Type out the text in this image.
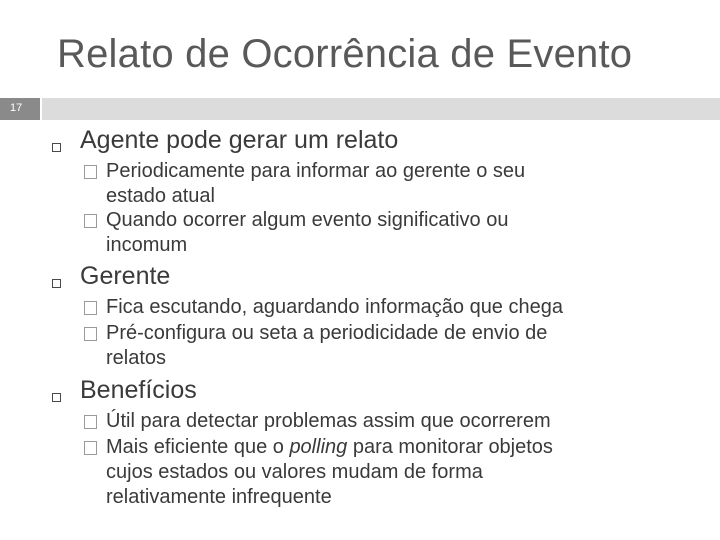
Relato de Ocorrência de Evento
17
Agente pode gerar um relato
Periodicamente para informar ao gerente o seu
estado atual
Quando ocorrer algum evento significativo ou
incomum
Gerente
Fica escutando, aguardando informação que chega
Pré-configura ou seta a periodicidade de envio de
relatos
Benefícios
Útil para detectar problemas assim que ocorrerem
Mais eficiente que o polling para monitorar objetos
cujos estados ou valores mudam de forma
relativamente infrequente
